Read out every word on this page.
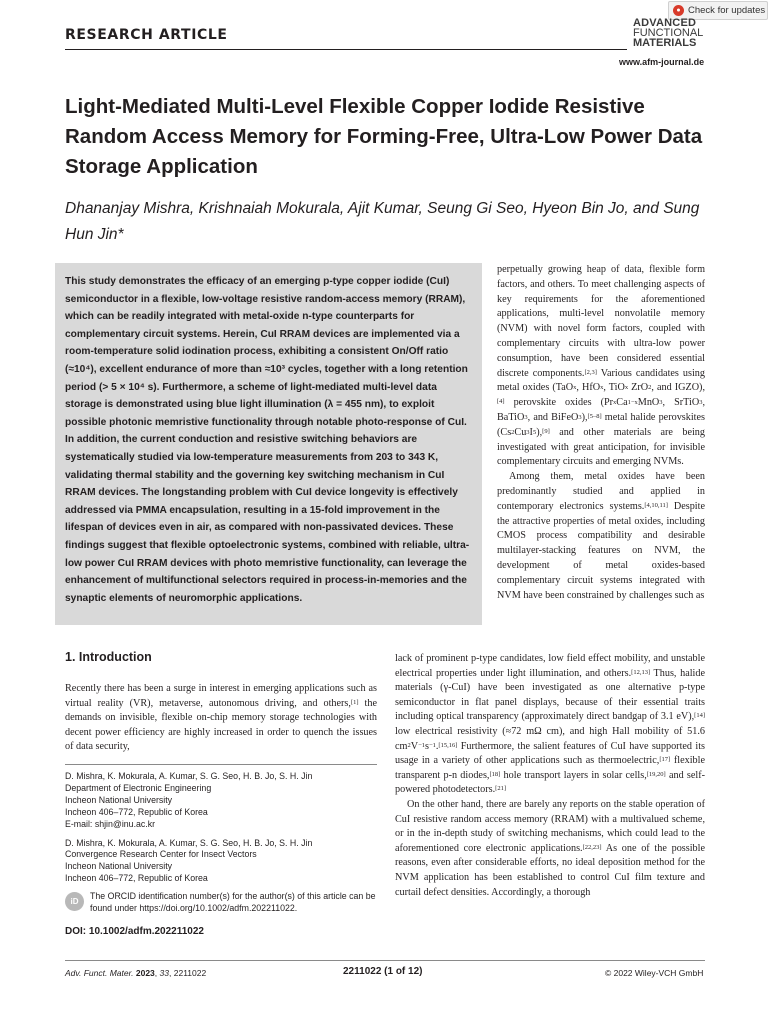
● Check for updates
RESEARCH ARTICLE
ADVANCED
FUNCTIONAL
MATERIALS
www.afm-journal.de
Light-Mediated Multi-Level Flexible Copper Iodide Resistive Random Access Memory for Forming-Free, Ultra-Low Power Data Storage Application
Dhananjay Mishra, Krishnaiah Mokurala, Ajit Kumar, Seung Gi Seo, Hyeon Bin Jo, and Sung Hun Jin*

This study demonstrates the efficacy of an emerging p-type copper iodide (CuI) semiconductor in a flexible, low-voltage resistive random-access memory (RRAM), which can be readily integrated with metal-oxide n-type counterparts for complementary circuit systems. Herein, CuI RRAM devices are implemented via a room-temperature solid iodination process, exhibiting a consistent On/Off ratio (≈10⁴), excellent endurance of more than ≈10³ cycles, together with a long retention period (> 5 × 10⁴ s). Furthermore, a scheme of light-mediated multi-level data storage is demonstrated using blue light illumination (λ = 455 nm), to exploit possible photonic memristive functionality through notable photo-response of CuI. In addition, the current conduction and resistive switching behaviors are systematically studied via low-temperature measurements from 203 to 343 K, validating thermal stability and the governing key switching mechanism in CuI RRAM devices. The longstanding problem with CuI device longevity is effectively addressed via PMMA encapsulation, resulting in a 15-fold improvement in the lifespan of devices even in air, as compared with non-passivated devices. These findings suggest that flexible optoelectronic systems, combined with reliable, ultra-low power CuI RRAM devices with photo memristive functionality, can leverage the enhancement of multifunctional selectors required in process-in-memories and the synaptic elements of neuromorphic applications.

perpetually growing heap of data, flexible form factors, and others. To meet challenging aspects of key requirements for the aforementioned applications, multi-level nonvolatile memory (NVM) with novel form factors, coupled with complementary circuits with ultra-low power consumption, have been considered essential discrete components.[2,3] Various candidates using metal oxides (TaOx, HfOx, TiOx ZrO2, and IGZO),[4] perovskite oxides (PrxCa1−xMnO3, SrTiO3, BaTiO3, and BiFeO3),[5–8] metal halide perovskites (Cs2Cu3I5),[9] and other materials are being investigated with great anticipation, for invisible complementary circuits and emerging NVMs.

Among them, metal oxides have been predominantly studied and applied in contemporary electronics systems.[4,10,11] Despite the attractive properties of metal oxides, including CMOS process compatibility and desirable multilayer-stacking features on NVM, the development of metal oxides-based complementary circuit systems integrated with NVM have been constrained by challenges such as

1. Introduction
Recently there has been a surge in interest in emerging applications such as virtual reality (VR), metaverse, autonomous driving, and others,[1] the demands on invisible, flexible on-chip memory storage technologies with decent power efficiency are highly increased in order to quench the issues of data security,

lack of prominent p-type candidates, low field effect mobility, and unstable electrical properties under light illumination, and others.[12,13] Thus, halide materials (γ-CuI) have been investigated as one alternative p-type semiconductor in flat panel displays, because of their essential traits including optical transparency (approximately direct bandgap of 3.1 eV),[14] low electrical resistivity (≈72 mΩ cm), and high Hall mobility of 51.6 $cm^2V^{-1}s^{-1}.[15,16]$ Furthermore, the salient features of CuI have supported its usage in a variety of other applications such as thermoelectric,[17] flexible transparent p-n diodes,[18] hole transport layers in solar cells,[19,20] and self-powered photodetectors.[21]

On the other hand, there are barely any reports on the stable operation of CuI resistive random access memory (RRAM) with a multivalued scheme, or in the in-depth study of switching mechanisms, which could lead to the aforementioned core electronic applications.[22,23] As one of the possible reasons, even after considerable efforts, no ideal deposition method for the NVM application has been established to control CuI film texture and curtail defect densities. Accordingly, a thorough

D. Mishra, K. Mokurala, A. Kumar, S. G. Seo, H. B. Jo, S. H. Jin
Department of Electronic Engineering
Incheon National University
Incheon 406–772, Republic of Korea
E-mail: shjin@inu.ac.kr
D. Mishra, K. Mokurala, A. Kumar, S. G. Seo, H. B. Jo, S. H. Jin
Convergence Research Center for Insect Vectors
Incheon National University
Incheon 406–772, Republic of Korea
iD
The ORCID identification number(s) for the author(s) of this article can be found under https://doi.org/10.1002/adfm.202211022.
DOI: 10.1002/adfm.202211022
Adv. Funct. Mater. 2023, 33, 2211022	2211022 (1 of 12)	© 2022 Wiley-VCH GmbH
